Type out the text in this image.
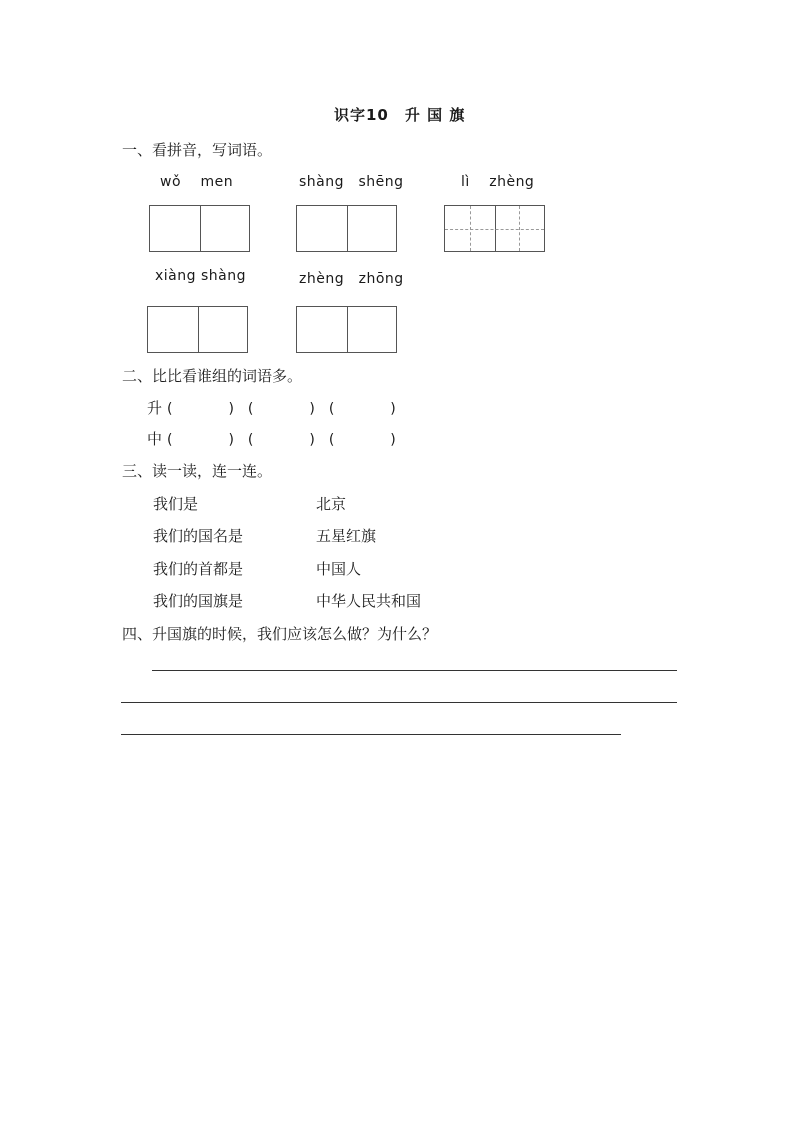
识字10　升 国 旗
一、看拼音，写词语。
wǒ　 men	shàng　shēng	lì　 zhèng
xiàng shàng	zhèng　zhōng
二、比比看谁组的词语多。
升 (　　　　)　(　　　　)　(　　　　)
中 (　　　　)　(　　　　)　(　　　　)
三、读一读，连一连。
我们是	北京
我们的国名是	五星红旗
我们的首都是	中国人
我们的国旗是	中华人民共和国
四、升国旗的时候，我们应该怎么做？为什么？
